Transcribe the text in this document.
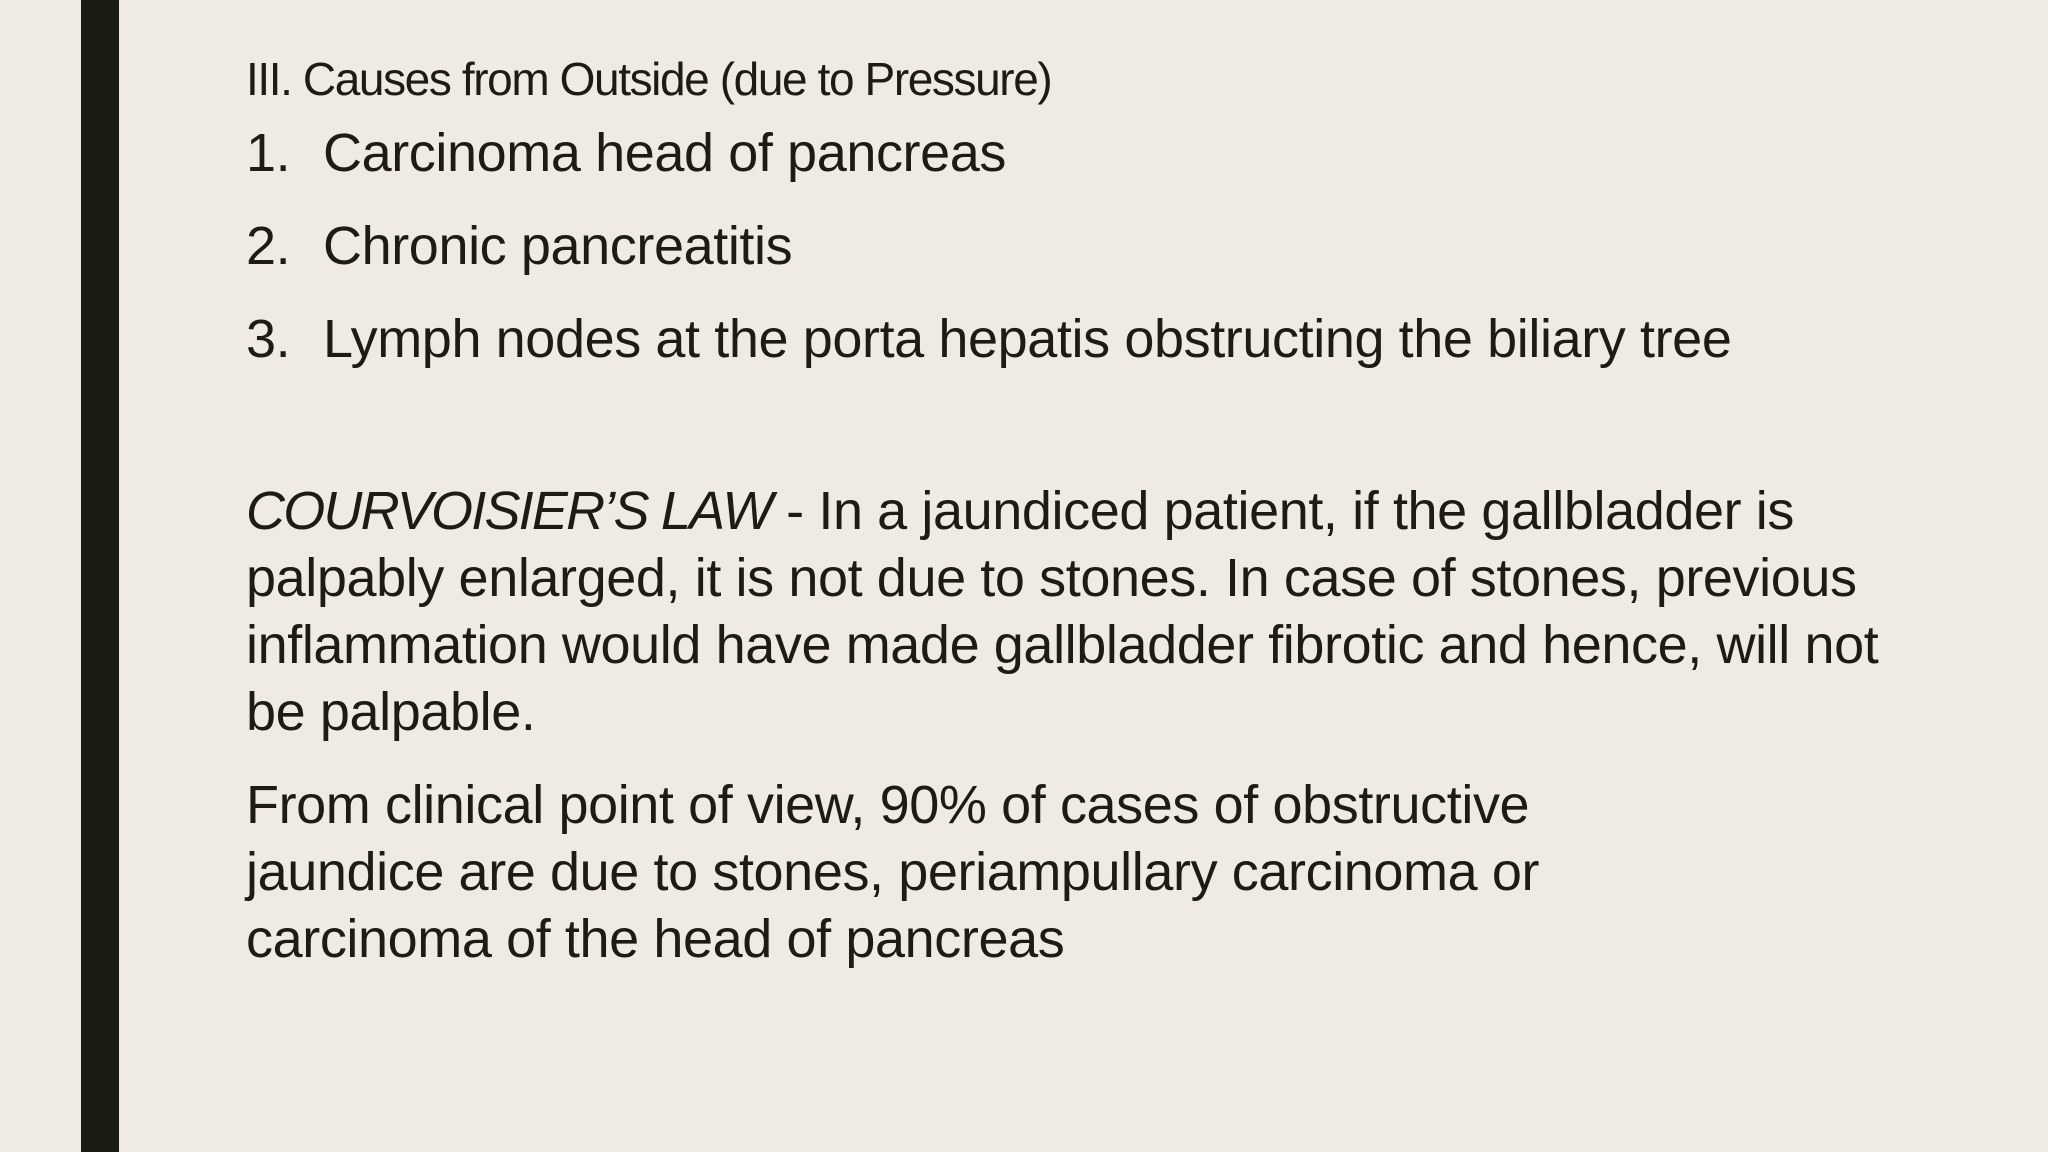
III. Causes from Outside (due to Pressure)
1. Carcinoma head of pancreas
2. Chronic pancreatitis
3. Lymph nodes at the porta hepatis obstructing the biliary tree

COURVOISIER’S LAW - In a jaundiced patient, if the gallbladder is palpably enlarged, it is not due to stones. In case of stones, previous inflammation would have made gallbladder fibrotic and hence, will not be palpable.

From clinical point of view, 90% of cases of obstructive jaundice are due to stones, periampullary carcinoma or carcinoma of the head of pancreas
